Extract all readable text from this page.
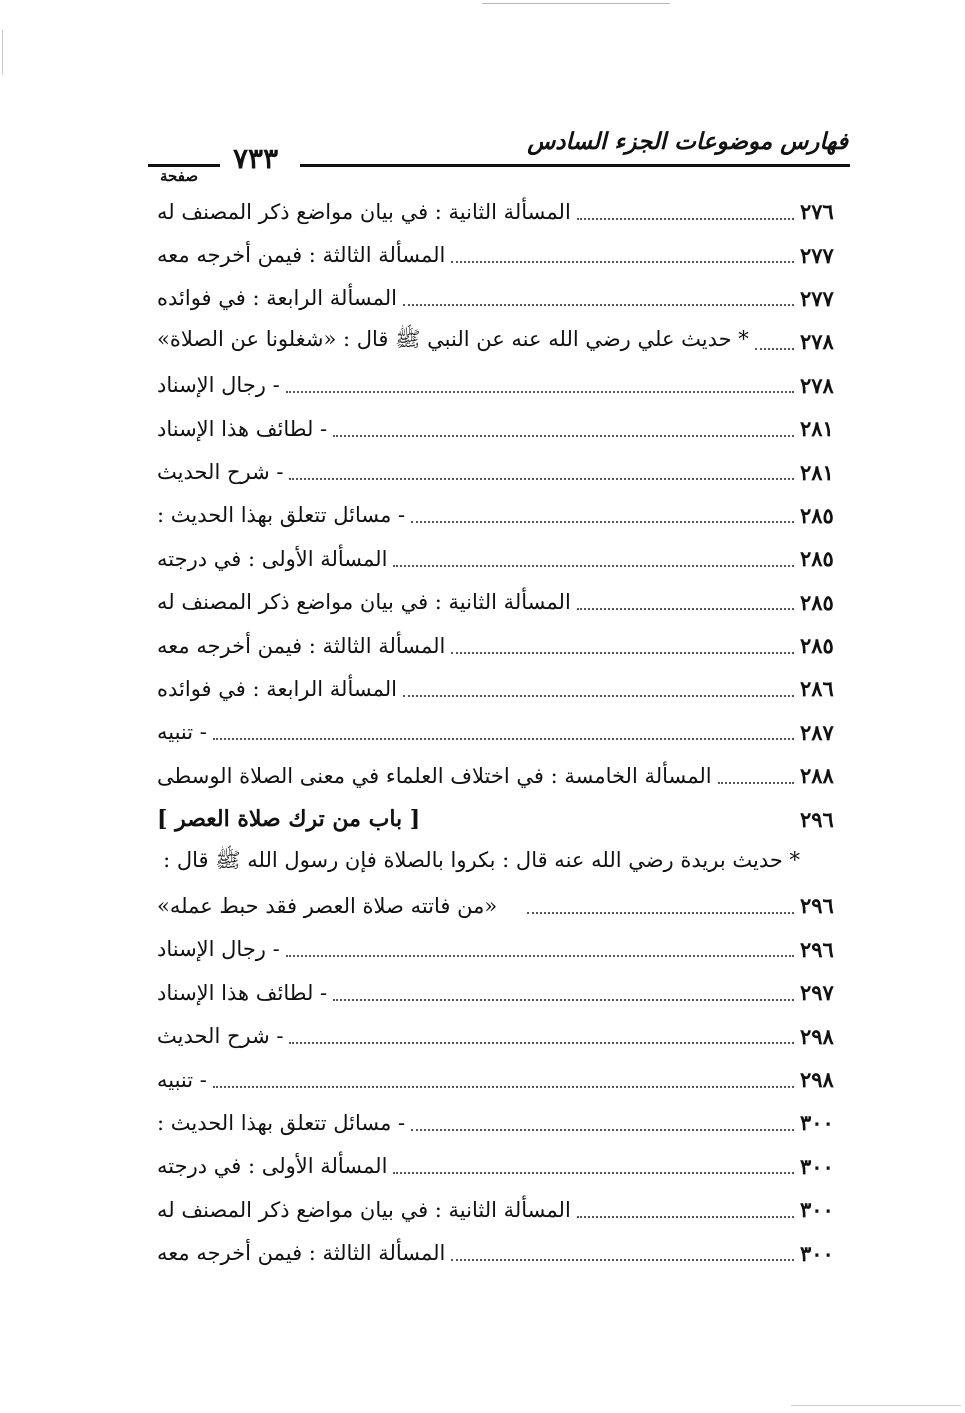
فهارس موضوعات الجزء السادس
٧٣٣
صفحة
المسألة الثانية : في بيان مواضع ذكر المصنف له	٢٧٦
المسألة الثالثة : فيمن أخرجه معه	٢٧٧
المسألة الرابعة : في فوائده	٢٧٧
* حديث علي رضي الله عنه عن النبي ﷺ قال : «شغلونا عن الصلاة» ٢٧٨
- رجال الإسناد	٢٧٨
- لطائف هذا الإسناد	٢٨١
- شرح الحديث	٢٨١
- مسائل تتعلق بهذا الحديث :	٢٨٥
المسألة الأولى : في درجته	٢٨٥
المسألة الثانية : في بيان مواضع ذكر المصنف له	٢٨٥
المسألة الثالثة : فيمن أخرجه معه	٢٨٥
المسألة الرابعة : في فوائده	٢٨٦
- تنبيه	٢٨٧
المسألة الخامسة : في اختلاف العلماء في معنى الصلاة الوسطى	٢٨٨
[ باب من ترك صلاة العصر ]	٢٩٦
* حديث بريدة رضي الله عنه قال : بكروا بالصلاة فإن رسول الله ﷺ قال :
«من فاتته صلاة العصر فقد حبط عمله»	٢٩٦
- رجال الإسناد	٢٩٦
- لطائف هذا الإسناد	٢٩٧
- شرح الحديث	٢٩٨
- تنبيه	٢٩٨
- مسائل تتعلق بهذا الحديث :	٣٠٠
المسألة الأولى : في درجته	٣٠٠
المسألة الثانية : في بيان مواضع ذكر المصنف له	٣٠٠
المسألة الثالثة : فيمن أخرجه معه	٣٠٠
